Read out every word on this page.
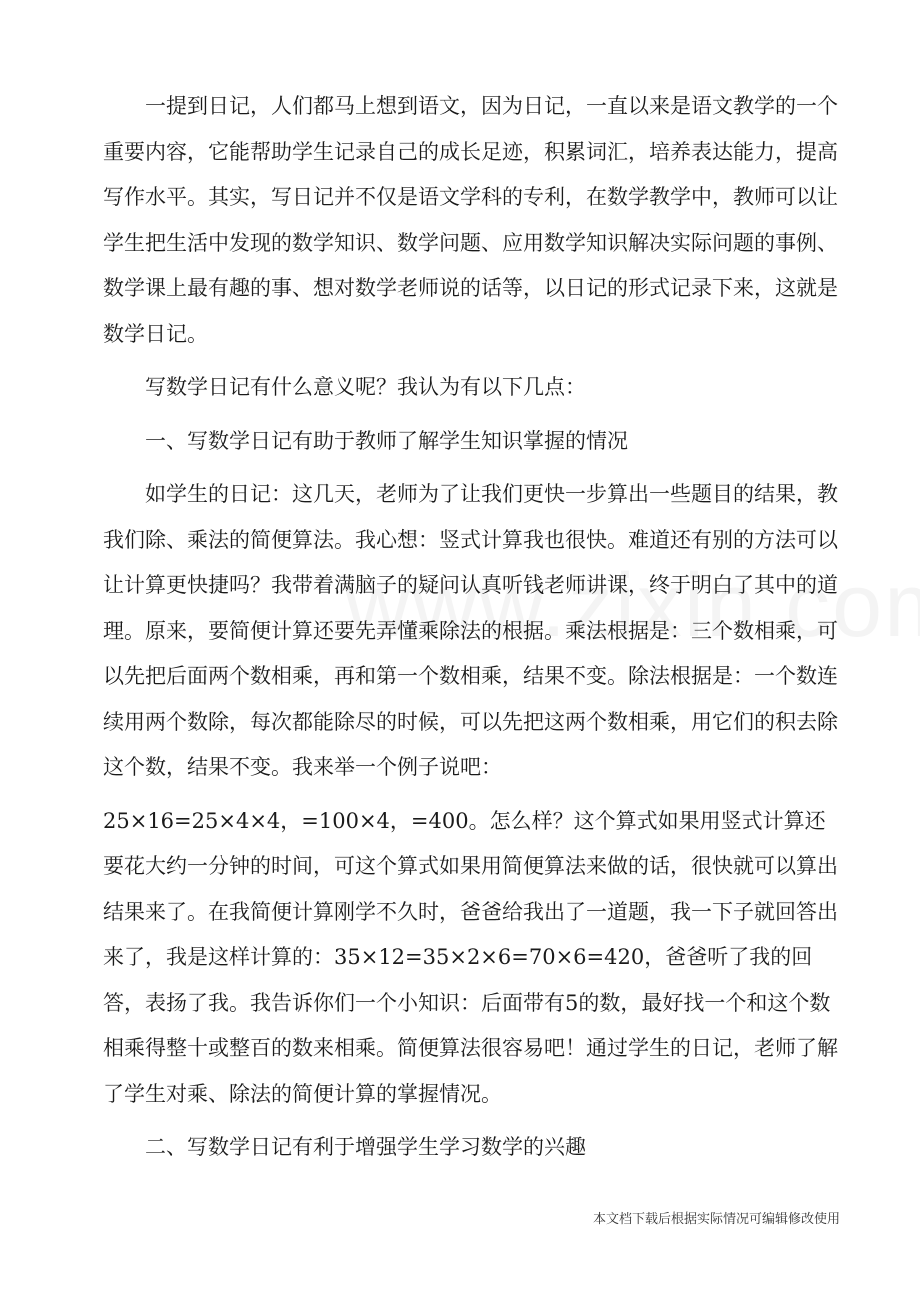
一提到日记，人们都马上想到语文，因为日记，一直以来是语文教学的一个重要内容，它能帮助学生记录自己的成长足迹，积累词汇，培养表达能力，提高写作水平。其实，写日记并不仅是语文学科的专利，在数学教学中，教师可以让学生把生活中发现的数学知识、数学问题、应用数学知识解决实际问题的事例、数学课上最有趣的事、想对数学老师说的话等，以日记的形式记录下来，这就是数学日记。

写数学日记有什么意义呢？我认为有以下几点：

一、写数学日记有助于教师了解学生知识掌握的情况

如学生的日记：这几天，老师为了让我们更快一步算出一些题目的结果，教我们除、乘法的简便算法。我心想：竖式计算我也很快。难道还有别的方法可以让计算更快捷吗？我带着满脑子的疑问认真听钱老师讲课，终于明白了其中的道理。原来，要简便计算还要先弄懂乘除法的根据。乘法根据是：三个数相乘，可以先把后面两个数相乘，再和第一个数相乘，结果不变。除法根据是：一个数连续用两个数除，每次都能除尽的时候，可以先把这两个数相乘，用它们的积去除这个数，结果不变。我来举一个例子说吧：

25×16=25×4×4，=100×4，=400。怎么样？这个算式如果用竖式计算还要花大约一分钟的时间，可这个算式如果用简便算法来做的话，很快就可以算出结果来了。在我简便计算刚学不久时，爸爸给我出了一道题，我一下子就回答出来了，我是这样计算的：35×12=35×2×6=70×6=420，爸爸听了我的回答，表扬了我。我告诉你们一个小知识：后面带有5的数，最好找一个和这个数相乘得整十或整百的数来相乘。简便算法很容易吧！通过学生的日记，老师了解了学生对乘、除法的简便计算的掌握情况。

二、写数学日记有利于增强学生学习数学的兴趣
本文档下载后根据实际情况可编辑修改使用
